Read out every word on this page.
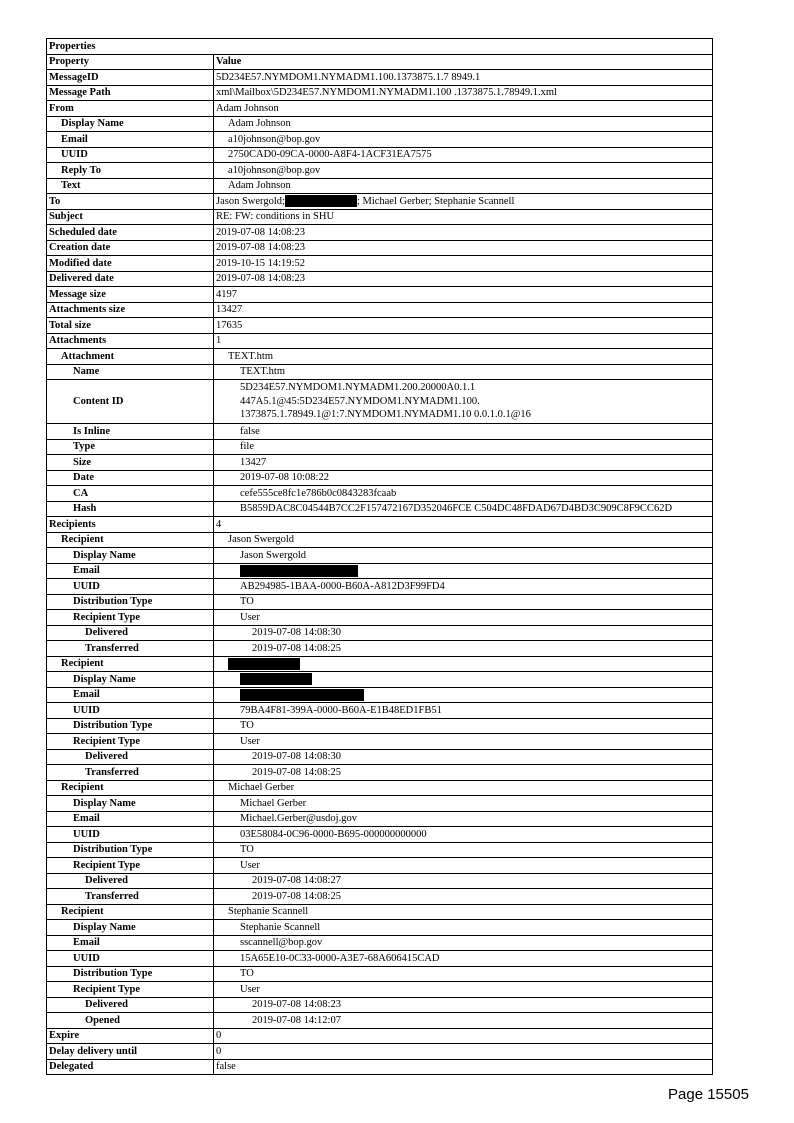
Properties	
Property	Value
MessageID	5D234E57.NYMDOM1.NYMADM1.100.1373875.1.7 8949.1
Message Path	xml\Mailbox\5D234E57.NYMDOM1.NYMADM1.100 .1373875.1.78949.1.xml
From	Adam Johnson
Display Name	Adam Johnson
Email	a10johnson@bop.gov
UUID	2750CAD0-09CA-0000-A8F4-1ACF31EA7575
Reply To	a10johnson@bop.gov
Text	Adam Johnson
To	Jason Swergold; ; Michael Gerber; Stephanie Scannell
Subject	RE: FW: conditions in SHU
Scheduled date	2019-07-08 14:08:23
Creation date	2019-07-08 14:08:23
Modified date	2019-10-15 14:19:52
Delivered date	2019-07-08 14:08:23
Message size	4197
Attachments size	13427
Total size	17635
Attachments	1
Attachment	TEXT.htm
Name	TEXT.htm
Content ID	5D234E57.NYMDOM1.NYMADM1.200.20000A0.1.1 447A5.1@45:5D234E57.NYMDOM1.NYMADM1.100. 1373875.1.78949.1@1:7.NYMDOM1.NYMADM1.10 0.0.1.0.1@16
Is Inline	false
Type	file
Size	13427
Date	2019-07-08 10:08:22
CA	cefe555ce8fc1e786b0c0843283fcaab
Hash	B5859DAC8C04544B7CC2F157472167D352046FCE C504DC48FDAD67D4BD3C909C8F9CC62D
Recipients	4
Recipient	Jason Swergold
Display Name	Jason Swergold
Email	
UUID	AB294985-1BAA-0000-B60A-A812D3F99FD4
Distribution Type	TO
Recipient Type	User
Delivered	2019-07-08 14:08:30
Transferred	2019-07-08 14:08:25
Recipient	
Display Name	
Email	
UUID	79BA4F81-399A-0000-B60A-E1B48ED1FB51
Distribution Type	TO
Recipient Type	User
Delivered	2019-07-08 14:08:30
Transferred	2019-07-08 14:08:25
Recipient	Michael Gerber
Display Name	Michael Gerber
Email	Michael.Gerber@usdoj.gov
UUID	03E58084-0C96-0000-B695-000000000000
Distribution Type	TO
Recipient Type	User
Delivered	2019-07-08 14:08:27
Transferred	2019-07-08 14:08:25
Recipient	Stephanie Scannell
Display Name	Stephanie Scannell
Email	sscannell@bop.gov
UUID	15A65E10-0C33-0000-A3E7-68A606415CAD
Distribution Type	TO
Recipient Type	User
Delivered	2019-07-08 14:08:23
Opened	2019-07-08 14:12:07
Expire	0
Delay delivery until	0
Delegated	false
Page 15505
